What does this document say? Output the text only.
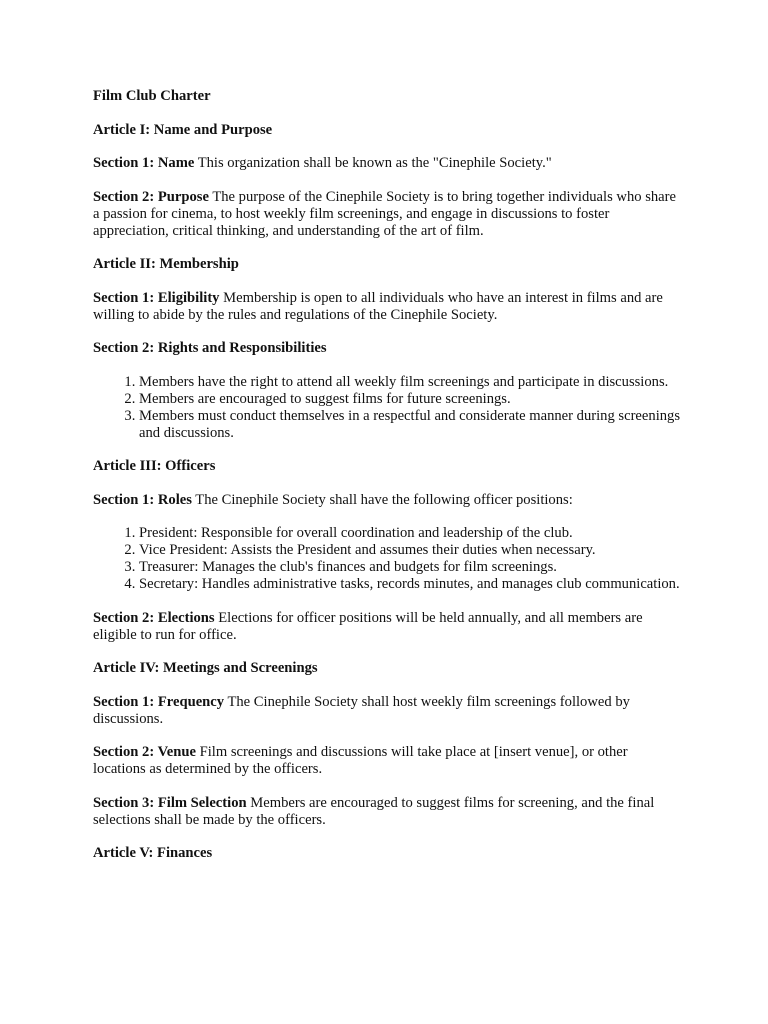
Film Club Charter

Article I: Name and Purpose

Section 1: Name This organization shall be known as the "Cinephile Society."

Section 2: Purpose The purpose of the Cinephile Society is to bring together individuals who share a passion for cinema, to host weekly film screenings, and engage in discussions to foster appreciation, critical thinking, and understanding of the art of film.

Article II: Membership

Section 1: Eligibility Membership is open to all individuals who have an interest in films and are willing to abide by the rules and regulations of the Cinephile Society.

Section 2: Rights and Responsibilities

1. Members have the right to attend all weekly film screenings and participate in discussions.
2. Members are encouraged to suggest films for future screenings.
3. Members must conduct themselves in a respectful and considerate manner during screenings and discussions.

Article III: Officers

Section 1: Roles The Cinephile Society shall have the following officer positions:

1. President: Responsible for overall coordination and leadership of the club.
2. Vice President: Assists the President and assumes their duties when necessary.
3. Treasurer: Manages the club's finances and budgets for film screenings.
4. Secretary: Handles administrative tasks, records minutes, and manages club communication.

Section 2: Elections Elections for officer positions will be held annually, and all members are eligible to run for office.

Article IV: Meetings and Screenings

Section 1: Frequency The Cinephile Society shall host weekly film screenings followed by discussions.

Section 2: Venue Film screenings and discussions will take place at [insert venue], or other locations as determined by the officers.

Section 3: Film Selection Members are encouraged to suggest films for screening, and the final selections shall be made by the officers.

Article V: Finances
